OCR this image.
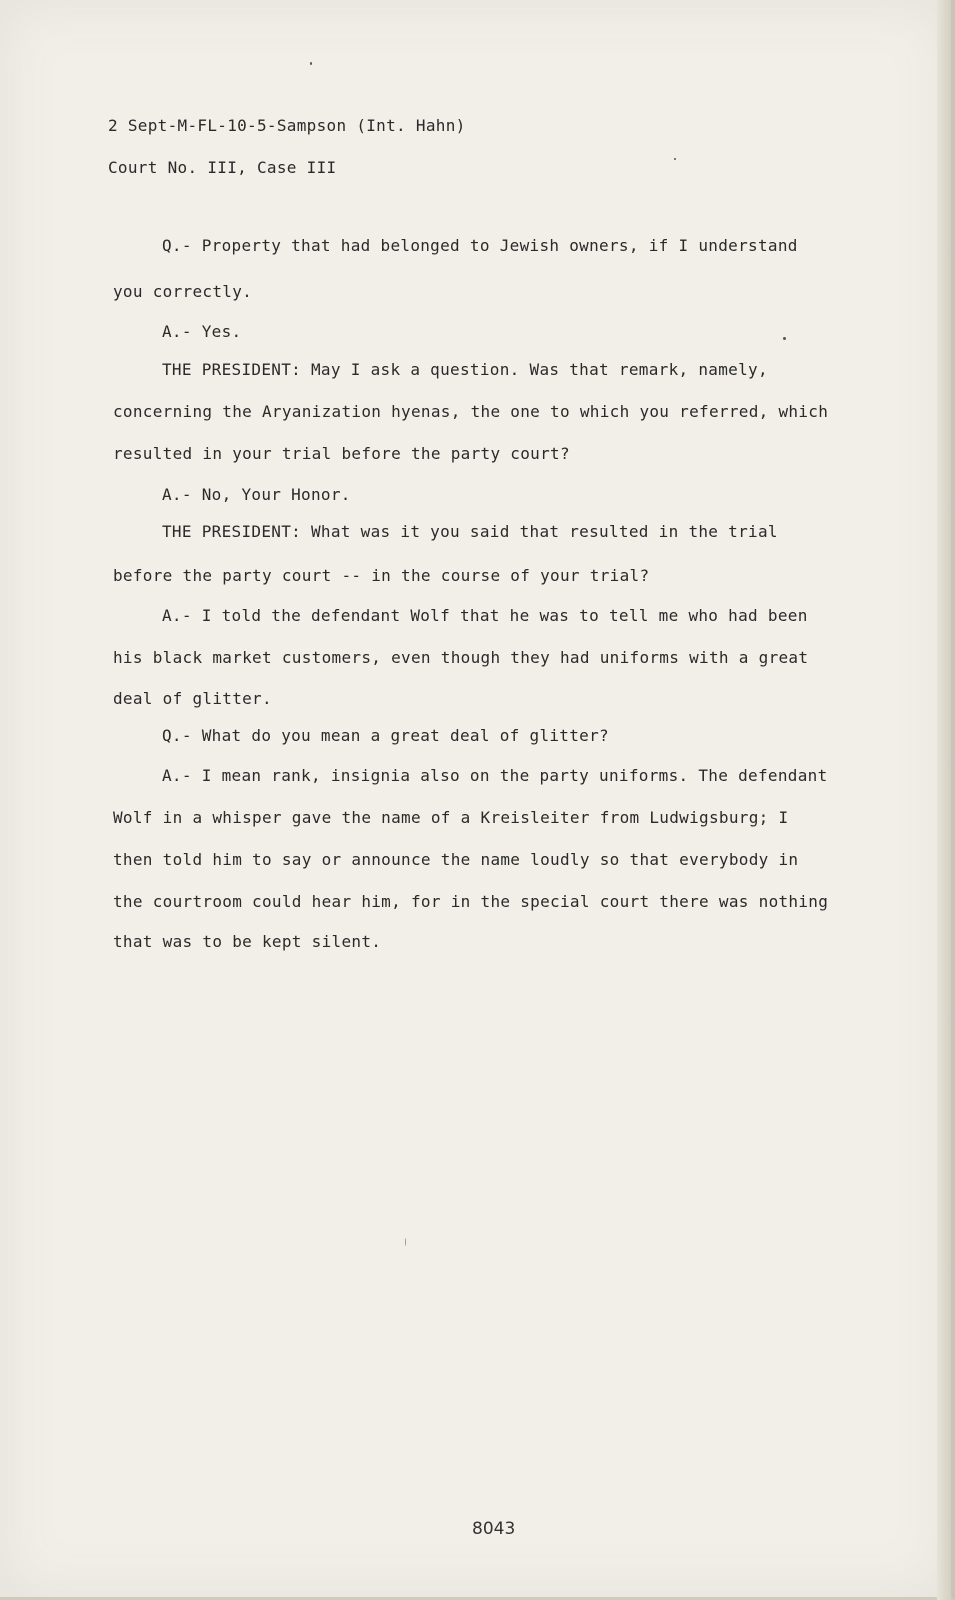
2 Sept-M-FL-10-5-Sampson (Int. Hahn)
Court No. III, Case III
Q.- Property that had belonged to Jewish owners, if I understand
you correctly.
A.- Yes.
THE PRESIDENT: May I ask a question. Was that remark, namely,
concerning the Aryanization hyenas, the one to which you referred, which
resulted in your trial before the party court?
A.- No, Your Honor.
THE PRESIDENT: What was it you said that resulted in the trial
before the party court -- in the course of your trial?
A.- I told the defendant Wolf that he was to tell me who had been
his black market customers, even though they had uniforms with a great
deal of glitter.
Q.- What do you mean a great deal of glitter?
A.- I mean rank, insignia also on the party uniforms. The defendant
Wolf in a whisper gave the name of a Kreisleiter from Ludwigsburg; I
then told him to say or announce the name loudly so that everybody in
the courtroom could hear him, for in the special court there was nothing
that was to be kept silent.
8043
